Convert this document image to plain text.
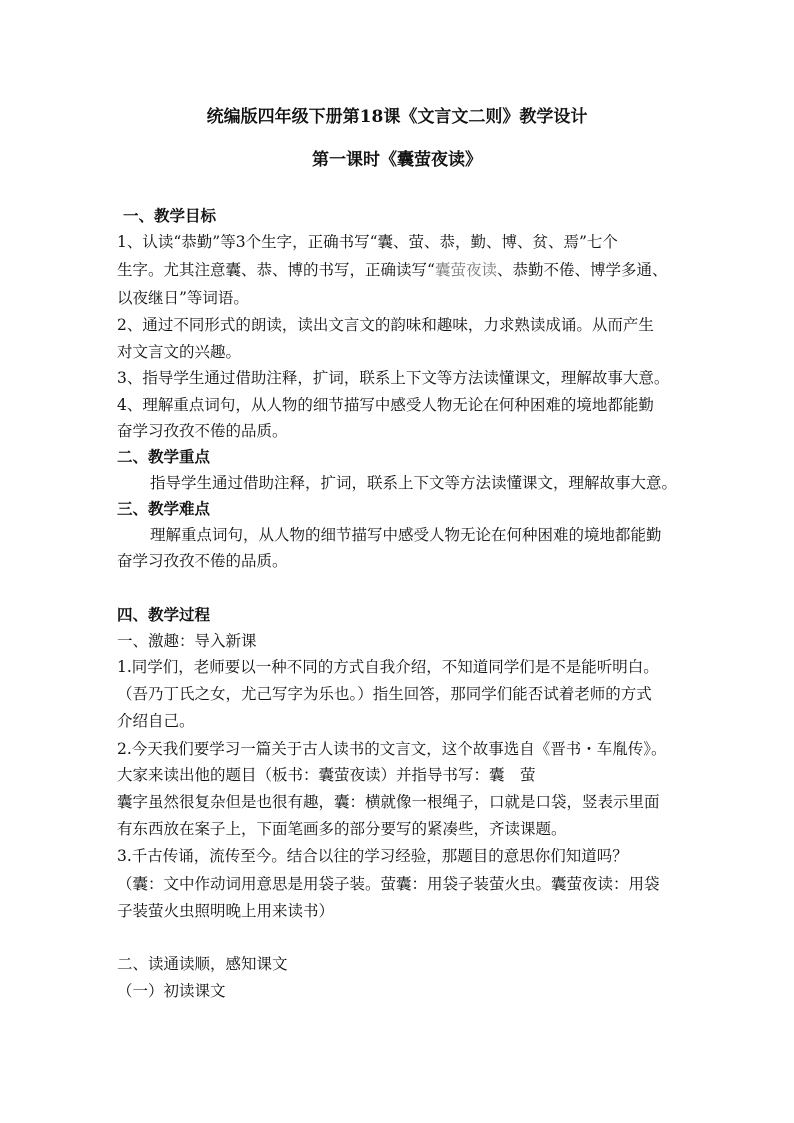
统编版四年级下册第18课《文言文二则》教学设计
第一课时《囊萤夜读》
一、教学目标
1、认读“恭勤”等3个生字，正确书写“囊、萤、恭，勤、博、贫、焉”七个
生字。尤其注意囊、恭、博的书写，正确读写“囊萤夜读、恭勤不倦、博学多通、
以夜继日”等词语。
2、通过不同形式的朗读，读出文言文的韵味和趣味，力求熟读成诵。从而产生
对文言文的兴趣。
3、指导学生通过借助注释，扩词，联系上下文等方法读懂课文，理解故事大意。
4、理解重点词句，从人物的细节描写中感受人物无论在何种困难的境地都能勤
奋学习孜孜不倦的品质。
二、教学重点
指导学生通过借助注释，扩词，联系上下文等方法读懂课文，理解故事大意。
三、教学难点
理解重点词句，从人物的细节描写中感受人物无论在何种困难的境地都能勤
奋学习孜孜不倦的品质。
四、教学过程
一、激趣：导入新课
1.同学们，老师要以一种不同的方式自我介绍，不知道同学们是不是能听明白。
（吾乃丁氏之女，尤己写字为乐也。）指生回答，那同学们能否试着老师的方式
介绍自己。
2.今天我们要学习一篇关于古人读书的文言文，这个故事选自《晋书・车胤传》。
大家来读出他的题目（板书：囊萤夜读）并指导书写：囊　萤
囊字虽然很复杂但是也很有趣，囊：横就像一根绳子，口就是口袋，竖表示里面
有东西放在案子上，下面笔画多的部分要写的紧凑些，齐读课题。
3.千古传诵，流传至今。结合以往的学习经验，那题目的意思你们知道吗？
（囊：文中作动词用意思是用袋子装。萤囊：用袋子装萤火虫。囊萤夜读：用袋
子装萤火虫照明晚上用来读书）
二、读通读顺，感知课文
（一）初读课文
